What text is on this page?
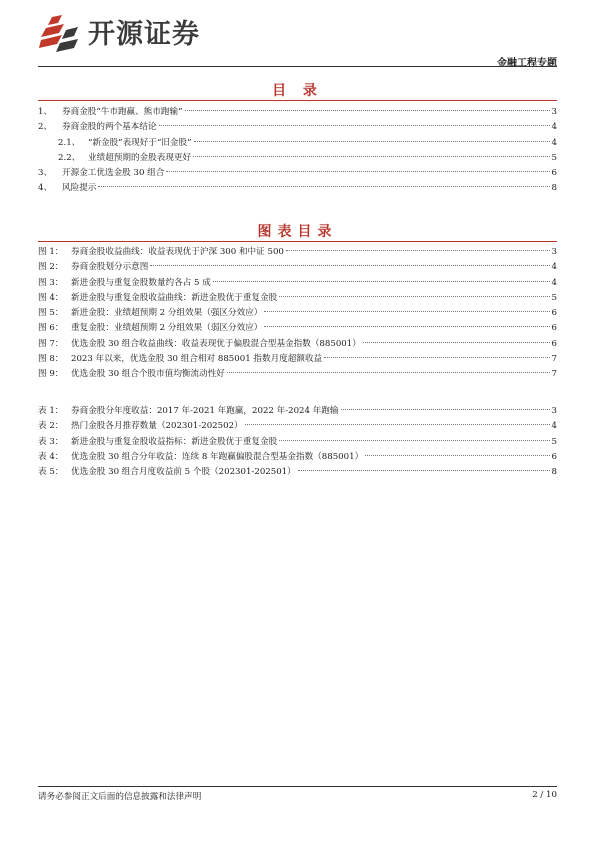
开源证券
金融工程专题
目 录
1、	券商金股“牛市跑赢、熊市跑输”	3
2、	券商金股的两个基本结论	4
2.1、 “新金股”表现好于“旧金股”	4
2.2、 业绩超预期的金股表现更好	5
3、	开源金工优选金股 30 组合	6
4、	风险提示	8
图表目录
图 1： 券商金股收益曲线：收益表现优于沪深 300 和中证 500	3
图 2： 券商金股划分示意图	4
图 3： 新进金股与重复金股数量约各占 5 成	4
图 4： 新进金股与重复金股收益曲线：新进金股优于重复金股	5
图 5： 新进金股：业绩超预期 2 分组效果（强区分效应）	6
图 6： 重复金股：业绩超预期 2 分组效果（弱区分效应）	6
图 7： 优选金股 30 组合收益曲线：收益表现优于偏股混合型基金指数（885001）	6
图 8： 2023 年以来，优选金股 30 组合相对 885001 指数月度超额收益	7
图 9： 优选金股 30 组合个股市值均衡流动性好	7
表 1： 券商金股分年度收益：2017 年-2021 年跑赢，2022 年-2024 年跑输	3
表 2： 热门金股各月推荐数量（202301-202502）	4
表 3： 新进金股与重复金股收益指标：新进金股优于重复金股	5
表 4： 优选金股 30 组合分年收益：连续 8 年跑赢偏股混合型基金指数（885001）	6
表 5： 优选金股 30 组合月度收益前 5 个股（202301-202501）	8
请务必参阅正文后面的信息披露和法律声明	2 / 10
